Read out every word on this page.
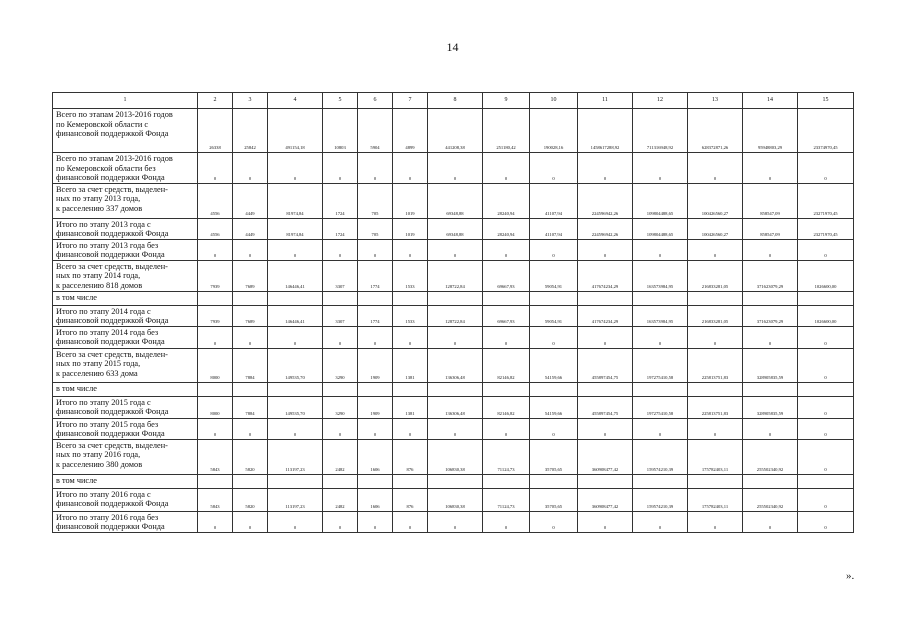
14
1	2	3	4	5	6	7	8	9	10	11	12	13	14	15

Всего по этапам 2013-2016 годов
по Кемеровской области с
финансовой поддержкой Фонда	26338	25842	491154,18	10803	5904	4899	441208,38	251180,42	190028,16	1458617288,92	711316948,92	628372871,26	95948803,29	23374970,45

Всего по этапам 2013-2016 годов
по Кемеровской области без
финансовой поддержки Фонда	0	0	0	0	0	0	0	0	0	0	0	0	0	0

Всего за счет средств, выделен-
ных по этапу 2013 года,
к расселению 337 домов	4556	4449	81974,84	1724	705	1019	69348,88	28240,94	41107,94	224596942,26	109804488,65	100426560,27	858547,09	23271970,45

Итого по этапу 2013 года с
финансовой поддержкой Фонда	4556	4449	81974,84	1724	705	1019	69348,88	28240,94	41107,94	224596942,26	109804488,65	100426560,27	858547,09	23271970,45

Итого по этапу 2013 года без
финансовой поддержки Фонда	0	0	0	0	0	0	0	0	0	0	0	0	0	0

Всего за счет средств, выделен-
ных по этапу 2014 года,
к расселению 818 домов	7939	7689	146446,41	3307	1774	1533	128722,84	69667,93	59054,91	417674234,29	163573984,95	216833281,05	371623079,29	1026600,00

в том числе														

Итого по этапу 2014 года с
финансовой поддержкой Фонда	7939	7689	146446,41	3307	1774	1533	128722,84	69667,93	59054,91	417674234,29	163573984,95	216833281,05	371623079,29	1026600,00

Итого по этапу 2014 года без
финансовой поддержки Фонда	0	0	0	0	0	0	0	0	0	0	0	0	0	0

Всего за счет средств, выделен-
ных по этапу 2015 года,
к расселению 633 дома	8000	7884	149535,70	3290	1909	1381	136306,48	82146,82	54159,66	455897454,75	197275410,58	225813751,83	328905835,59	0

в том числе														

Итого по этапу 2015 года с
финансовой поддержкой Фонда	8000	7884	149535,70	3290	1909	1381	136306,48	82146,82	54159,66	455897454,75	197275410,58	225813751,83	328905835,59	0

Итого по этапу 2015 года без
финансовой поддержки Фонда	0	0	0	0	0	0	0	0	0	0	0	0	0	0

Всего за счет средств, выделен-
ных по этапу 2016 года,
к расселению 380 домов	5843	5820	113197,23	2482	1606	876	106830,38	71124,73	35705,65	360908477,42	159574210,39	175782403,11	255502340,92	0

в том числе														

Итого по этапу 2016 года с
финансовой поддержкой Фонда	5843	5820	113197,23	2482	1606	876	106830,38	71124,73	35705,65	360908477,42	159574210,39	175782403,11	255502340,92	0

Итого по этапу 2016 года без
финансовой поддержки Фонда	0	0	0	0	0	0	0	0	0	0	0	0	0	0
».
